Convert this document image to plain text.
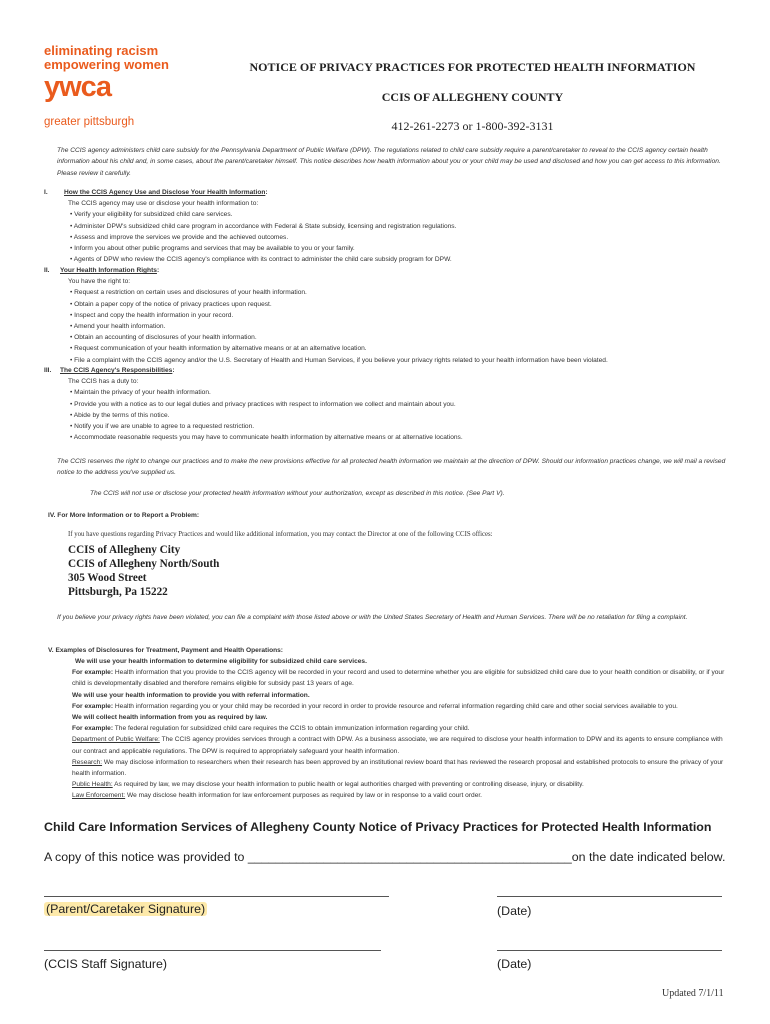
eliminating racism
empowering women
ywca
greater pittsburgh
NOTICE OF PRIVACY PRACTICES FOR PROTECTED HEALTH INFORMATION
CCIS OF ALLEGHENY COUNTY
412-261-2273 or 1-800-392-3131
The CCIS agency administers child care subsidy for the Pennsylvania Department of Public Welfare (DPW). The regulations related to child care subsidy require a parent/caretaker to reveal to the CCIS agency certain health information about his child and, in some cases, about the parent/caretaker himself. This notice describes how health information about you or your child may be used and disclosed and how you can get access to this information. Please review it carefully.
I. How the CCIS Agency Use and Disclose Your Health Information:
The CCIS agency may use or disclose your health information to:
• Verify your eligibility for subsidized child care services.
• Administer DPW's subsidized child care program in accordance with Federal & State subsidy, licensing and registration regulations.
• Assess and improve the services we provide and the achieved outcomes.
• Inform you about other public programs and services that may be available to you or your family.
• Agents of DPW who review the CCIS agency's compliance with its contract to administer the child care subsidy program for DPW.
II. Your Health Information Rights:
You have the right to:
• Request a restriction on certain uses and disclosures of your health information.
• Obtain a paper copy of the notice of privacy practices upon request.
• Inspect and copy the health information in your record.
• Amend your health information.
• Obtain an accounting of disclosures of your health information.
• Request communication of your health information by alternative means or at an alternative location.
• File a complaint with the CCIS agency and/or the U.S. Secretary of Health and Human Services, if you believe your privacy rights related to your health information have been violated.
III. The CCIS Agency's Responsibilities:
The CCIS has a duty to:
• Maintain the privacy of your health information.
• Provide you with a notice as to our legal duties and privacy practices with respect to information we collect and maintain about you.
• Abide by the terms of this notice.
• Notify you if we are unable to agree to a requested restriction.
• Accommodate reasonable requests you may have to communicate health information by alternative means or at alternative locations.
The CCIS reserves the right to change our practices and to make the new provisions effective for all protected health information we maintain at the direction of DPW. Should our information practices change, we will mail a revised notice to the address you've supplied us.
The CCIS will not use or disclose your protected health information without your authorization, except as described in this notice. (See Part V).
IV. For More Information or to Report a Problem:
If you have questions regarding Privacy Practices and would like additional information, you may contact the Director at one of the following CCIS offices:
CCIS of Allegheny City
CCIS of Allegheny North/South
305 Wood Street
Pittsburgh, Pa 15222
If you believe your privacy rights have been violated, you can file a complaint with those listed above or with the United States Secretary of Health and Human Services. There will be no retaliation for filing a complaint.
V. Examples of Disclosures for Treatment, Payment and Health Operations:
We will use your health information to determine eligibility for subsidized child care services.
For example: Health information that you provide to the CCIS agency will be recorded in your record and used to determine whether you are eligible for subsidized child care due to your health condition or disability, or if your child is developmentally disabled and therefore remains eligible for subsidy past 13 years of age.
We will use your health information to provide you with referral information.
For example: Health information regarding you or your child may be recorded in your record in order to provide resource and referral information regarding child care and other social services available to you.
We will collect health information from you as required by law.
For example: The federal regulation for subsidized child care requires the CCIS to obtain immunization information regarding your child.
Department of Public Welfare: The CCIS agency provides services through a contract with DPW. As a business associate, we are required to disclose your health information to DPW and its agents to ensure compliance with our contract and applicable regulations. The DPW is required to appropriately safeguard your health information.
Research: We may disclose information to researchers when their research has been approved by an institutional review board that has reviewed the research proposal and established protocols to ensure the privacy of your health information.
Public Health: As required by law, we may disclose your health information to public health or legal authorities charged with preventing or controlling disease, injury, or disability.
Law Enforcement: We may disclose health information for law enforcement purposes as required by law or in response to a valid court order.
Child Care Information Services of Allegheny County Notice of Privacy Practices for Protected Health Information
A copy of this notice was provided to _______________________________________________on the date indicated below.
(Parent/Caretaker Signature)	(Date)
(CCIS Staff Signature)	(Date)
Updated 7/1/11
